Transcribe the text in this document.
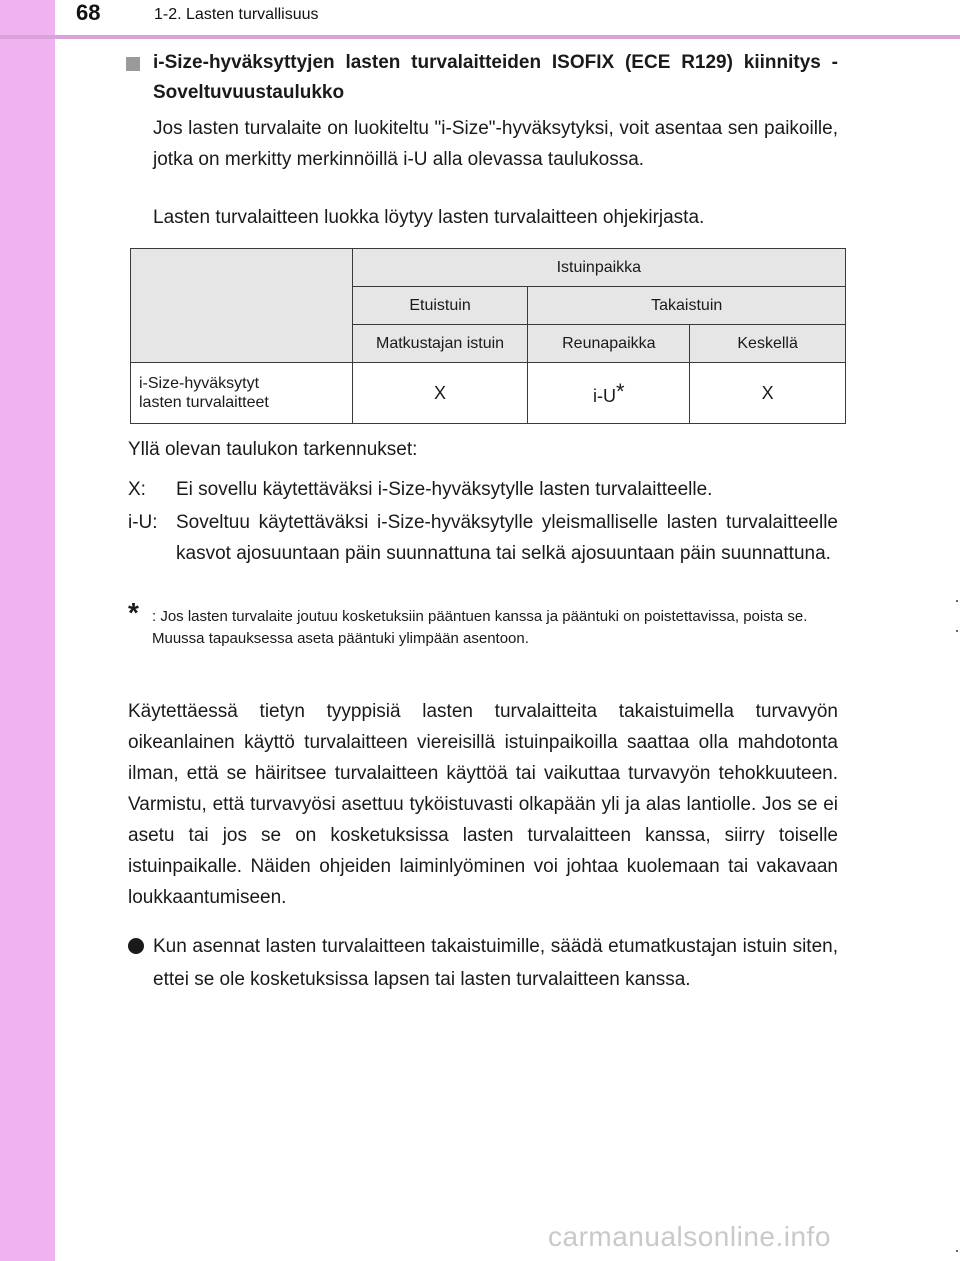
68	1-2. Lasten turvallisuus
i-Size-hyväksyttyjen lasten turvalaitteiden ISOFIX (ECE R129) kiinnitys - Soveltuvuustaulukko
Jos lasten turvalaite on luokiteltu "i-Size"-hyväksytyksi, voit asentaa sen paikoille, jotka on merkitty merkinnöillä i-U alla olevassa taulukossa.
Lasten turvalaitteen luokka löytyy lasten turvalaitteen ohjekirjasta.
	Istuinpaikka		
	Etuistuin	Takaistuin	
	Matkustajan istuin	Reunapaikka	Keskellä
i-Size-hyväksytyt
lasten turvalaitteet	X	i-U*	X
Yllä olevan taulukon tarkennukset:
X: Ei sovellu käytettäväksi i-Size-hyväksytylle lasten turvalaitteelle.
i-U: Soveltuu käytettäväksi i-Size-hyväksytylle yleismalliselle lasten turvalaitteelle kasvot ajosuuntaan päin suunnattuna tai selkä ajosuuntaan päin suunnattuna.
* : Jos lasten turvalaite joutuu kosketuksiin pääntuen kanssa ja pääntuki on poistettavissa, poista se.
Muussa tapauksessa aseta pääntuki ylimpään asentoon.
Käytettäessä tietyn tyyppisiä lasten turvalaitteita takaistuimella turvavyön oikeanlainen käyttö turvalaitteen viereisillä istuinpaikoilla saattaa olla mahdotonta ilman, että se häiritsee turvalaitteen käyttöä tai vaikuttaa turvavyön tehokkuuteen. Varmistu, että turvavyösi asettuu tyköistuvasti olkapään yli ja alas lantiolle. Jos se ei asetu tai jos se on kosketuksissa lasten turvalaitteen kanssa, siirry toiselle istuinpaikalle. Näiden ohjeiden laiminlyöminen voi johtaa kuolemaan tai vakavaan loukkaantumiseen.
Kun asennat lasten turvalaitteen takaistuimille, säädä etumatkustajan istuin siten, ettei se ole kosketuksissa lapsen tai lasten turvalaitteen kanssa.
carmanualsonline.info
